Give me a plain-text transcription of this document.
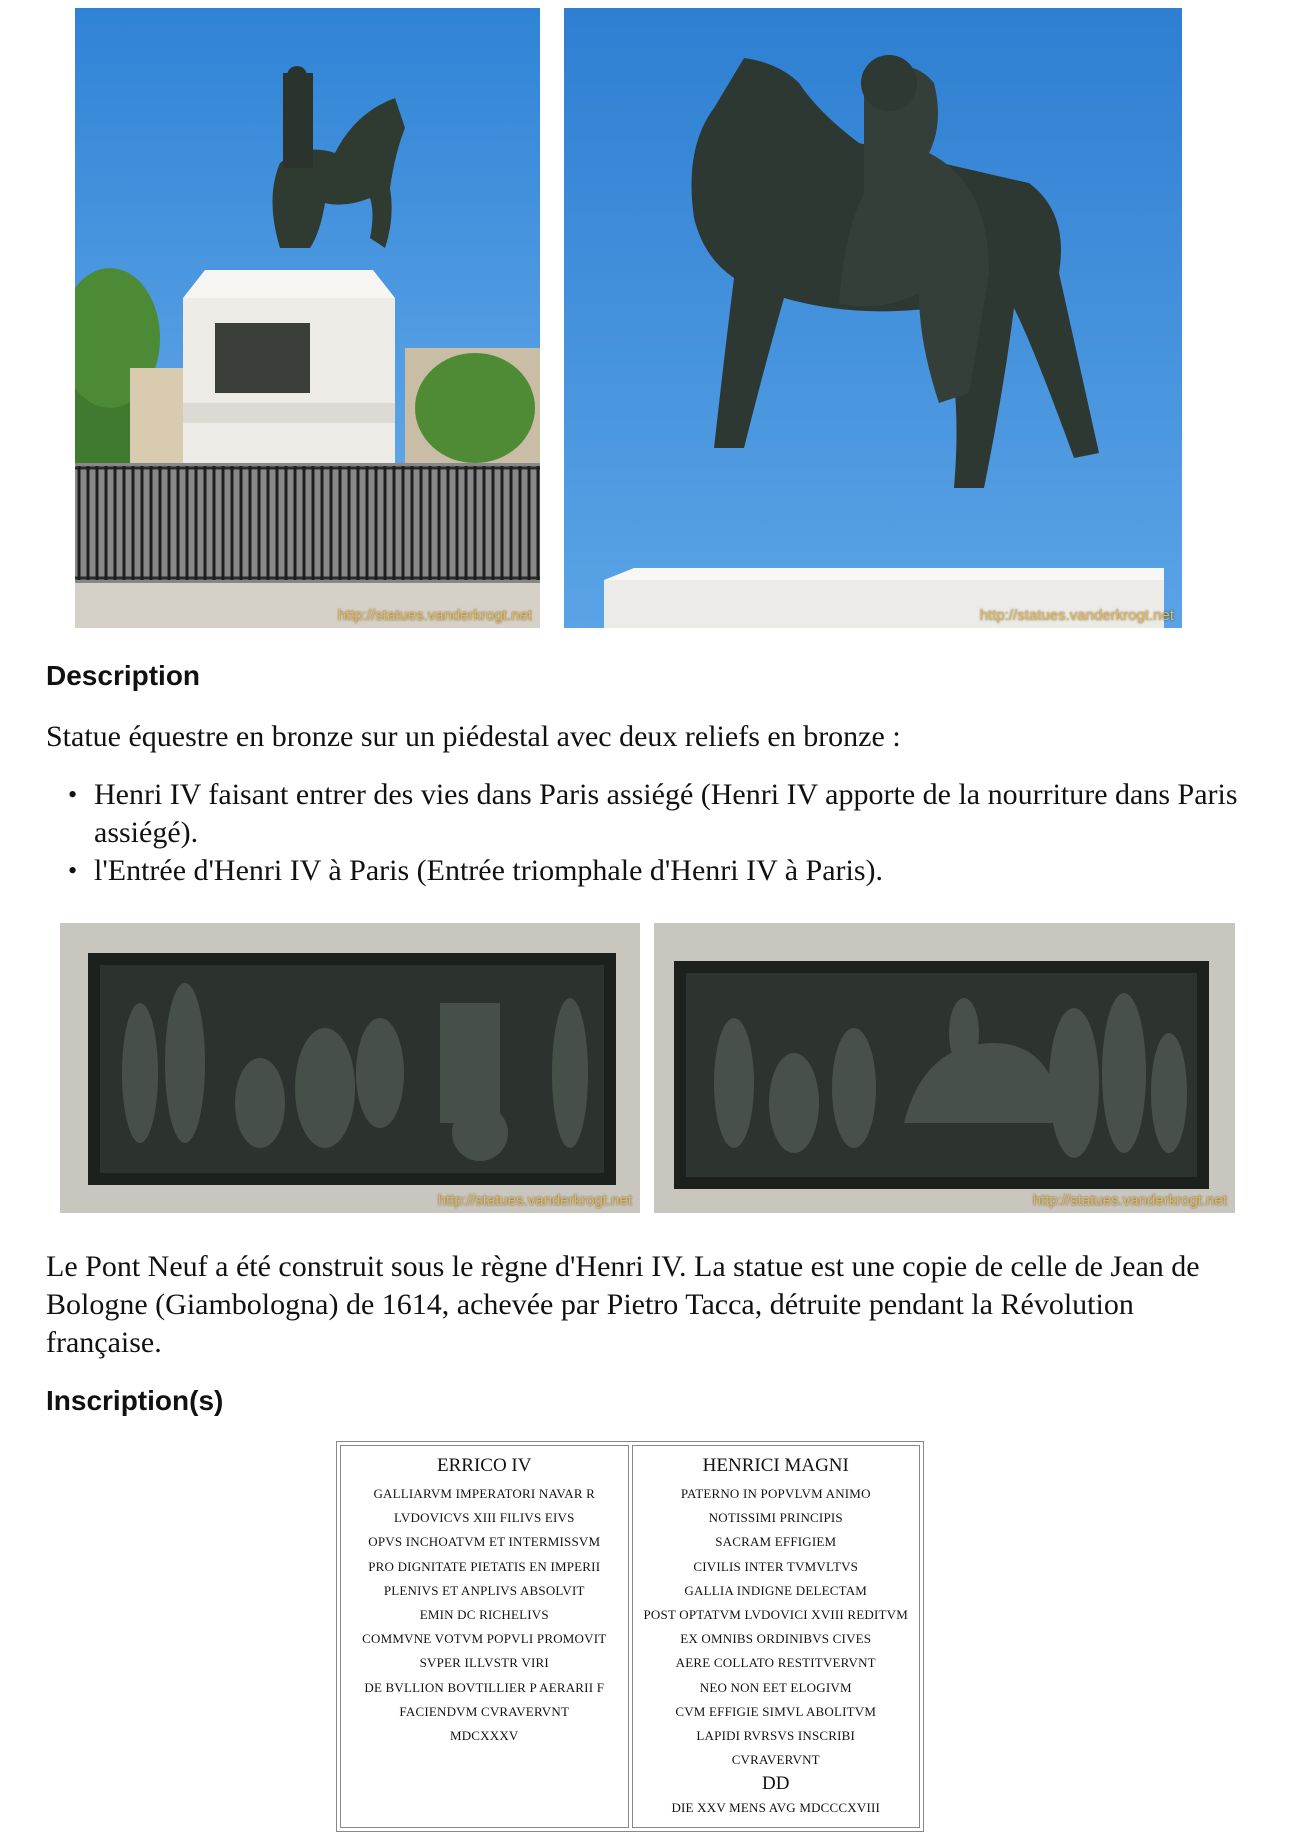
http://statues.vanderkrogt.net	http://statues.vanderkrogt.net
Description

Statue équestre en bronze sur un piédestal avec deux reliefs en bronze :

• Henri IV faisant entrer des vies dans Paris assiégé (Henri IV apporte de la nourriture dans Paris assiégé).
• l'Entrée d'Henri IV à Paris (Entrée triomphale d'Henri IV à Paris).
http://statues.vanderkrogt.net	http://statues.vanderkrogt.net

Le Pont Neuf a été construit sous le règne d'Henri IV. La statue est une copie de celle de Jean de Bologne (Giambologna) de 1614, achevée par Pietro Tacca, détruite pendant la Révolution française.

Inscription(s)
ERRICO IV
GALLIARVM IMPERATORI NAVAR R
LVDOVICVS XIII FILIVS EIVS
OPVS INCHOATVM ET INTERMISSVM
PRO DIGNITATE PIETATIS EN IMPERII
PLENIVS ET ANPLIVS ABSOLVIT
EMIN DC RICHELIVS
COMMVNE VOTVM POPVLI PROMOVIT
SVPER ILLVSTR VIRI
DE BVLLION BOVTILLIER P AERARII F
FACIENDVM CVRAVERVNT
MDCXXXV

HENRICI MAGNI
PATERNO IN POPVLVM ANIMO
NOTISSIMI PRINCIPIS
SACRAM EFFIGIEM
CIVILIS INTER TVMVLTVS
GALLIA INDIGNE DELECTAM
POST OPTATVM LVDOVICI XVIII REDITVM
EX OMNIBS ORDINIBVS CIVES
AERE COLLATO RESTITVERVNT
NEO NON EET ELOGIVM
CVM EFFIGIE SIMVL ABOLITVM
LAPIDI RVRSVS INSCRIBI
CVRAVERVNT
DD
DIE XXV MENS AVG MDCCCXVIII
